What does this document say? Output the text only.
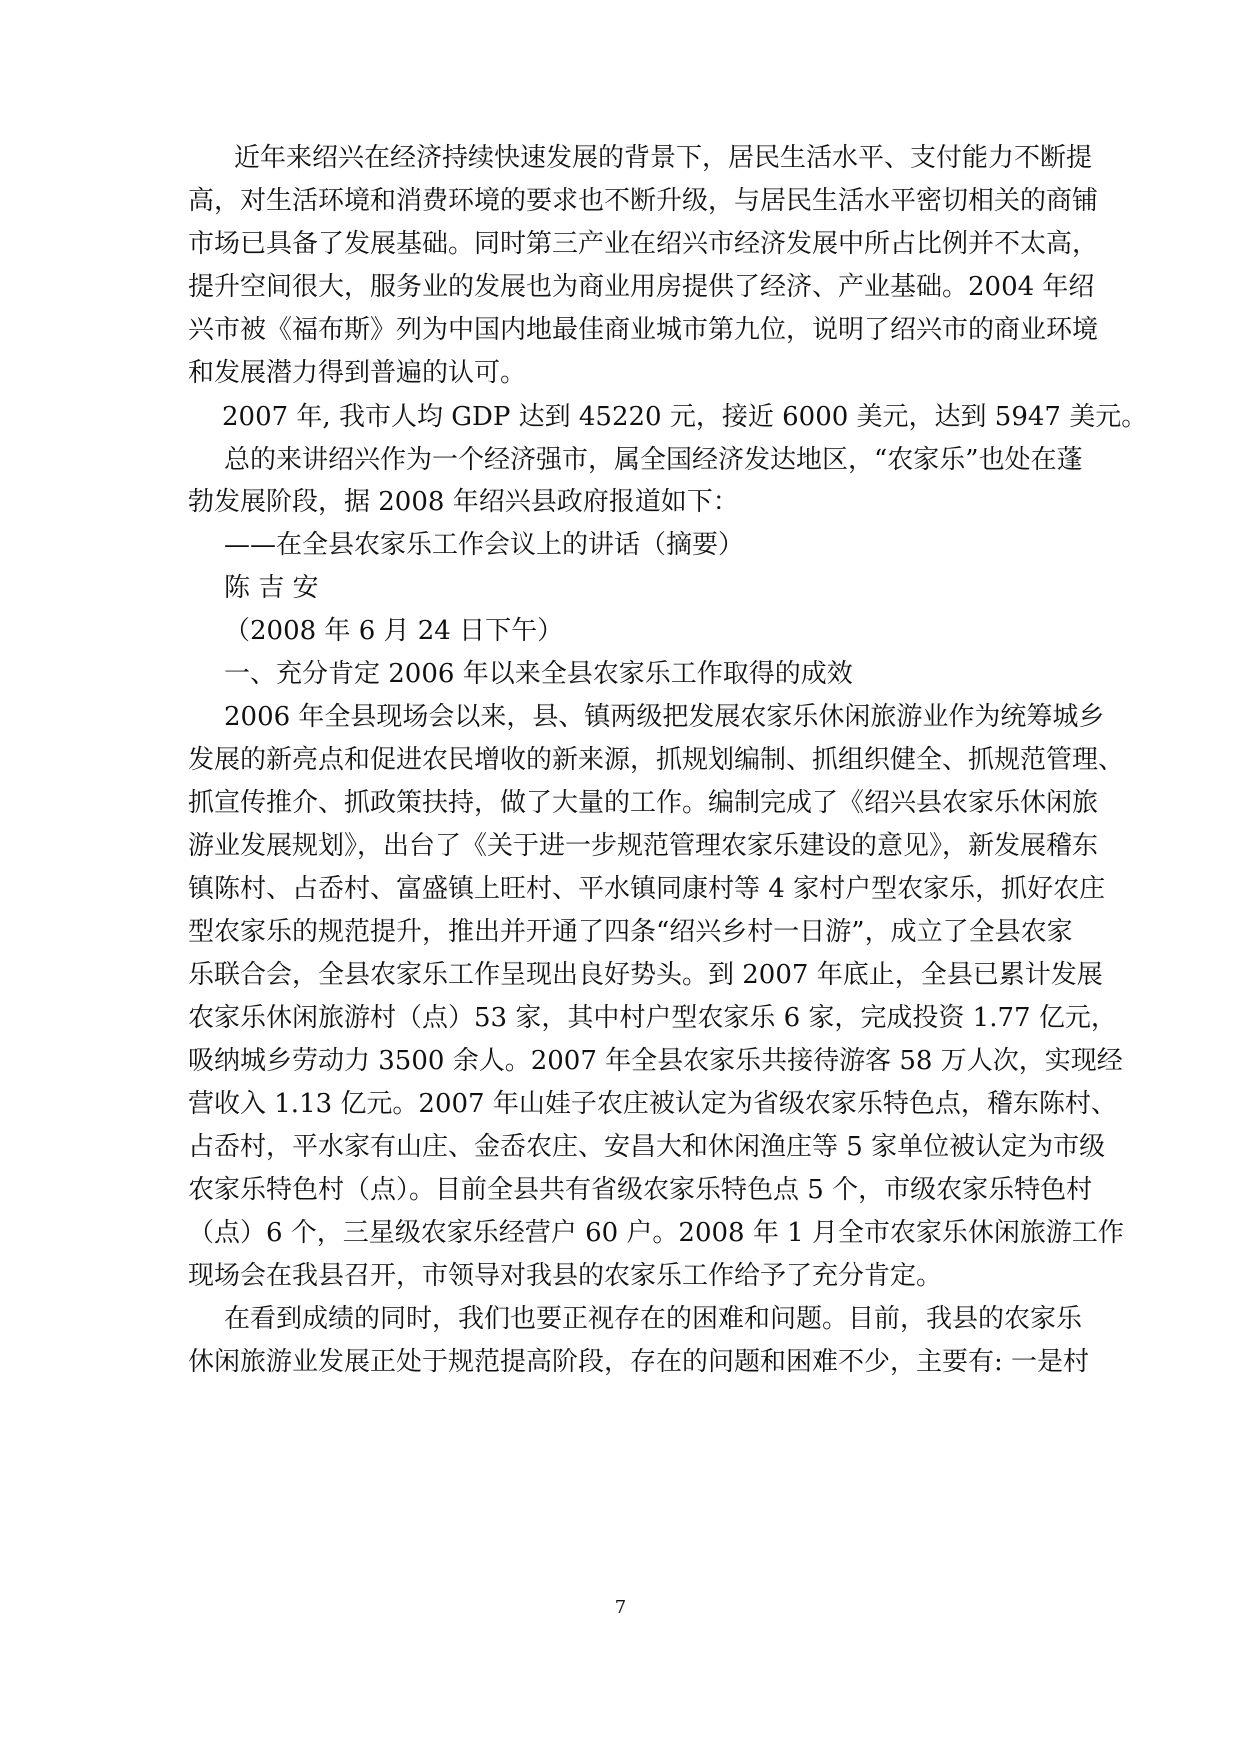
近年来绍兴在经济持续快速发展的背景下，居民生活水平、支付能力不断提

高，对生活环境和消费环境的要求也不断升级，与居民生活水平密切相关的商铺

市场已具备了发展基础。同时第三产业在绍兴市经济发展中所占比例并不太高，

提升空间很大，服务业的发展也为商业用房提供了经济、产业基础。2004 年绍

兴市被《福布斯》列为中国内地最佳商业城市第九位，说明了绍兴市的商业环境

和发展潜力得到普遍的认可。

2007 年, 我市人均 GDP 达到 45220 元，接近 6000 美元，达到 5947 美元。

总的来讲绍兴作为一个经济强市，属全国经济发达地区，“农家乐”也处在蓬

勃发展阶段，据 2008 年绍兴县政府报道如下：

——在全县农家乐工作会议上的讲话（摘要）

陈 吉 安

（2008 年 6 月 24 日下午）

一、充分肯定 2006 年以来全县农家乐工作取得的成效

2006 年全县现场会以来，县、镇两级把发展农家乐休闲旅游业作为统筹城乡

发展的新亮点和促进农民增收的新来源，抓规划编制、抓组织健全、抓规范管理、

抓宣传推介、抓政策扶持，做了大量的工作。编制完成了《绍兴县农家乐休闲旅

游业发展规划》，出台了《关于进一步规范管理农家乐建设的意见》，新发展稽东

镇陈村、占岙村、富盛镇上旺村、平水镇同康村等 4 家村户型农家乐，抓好农庄

型农家乐的规范提升，推出并开通了四条“绍兴乡村一日游”，成立了全县农家

乐联合会，全县农家乐工作呈现出良好势头。到 2007 年底止，全县已累计发展

农家乐休闲旅游村（点）53 家，其中村户型农家乐 6 家，完成投资 1.77 亿元，

吸纳城乡劳动力 3500 余人。2007 年全县农家乐共接待游客 58 万人次，实现经

营收入 1.13 亿元。2007 年山娃子农庄被认定为省级农家乐特色点，稽东陈村、

占岙村，平水家有山庄、金岙农庄、安昌大和休闲渔庄等 5 家单位被认定为市级

农家乐特色村（点）。目前全县共有省级农家乐特色点 5 个，市级农家乐特色村

（点）6 个，三星级农家乐经营户 60 户。2008 年 1 月全市农家乐休闲旅游工作

现场会在我县召开，市领导对我县的农家乐工作给予了充分肯定。

在看到成绩的同时，我们也要正视存在的困难和问题。目前，我县的农家乐

休闲旅游业发展正处于规范提高阶段，存在的问题和困难不少，主要有: 一是村

7
